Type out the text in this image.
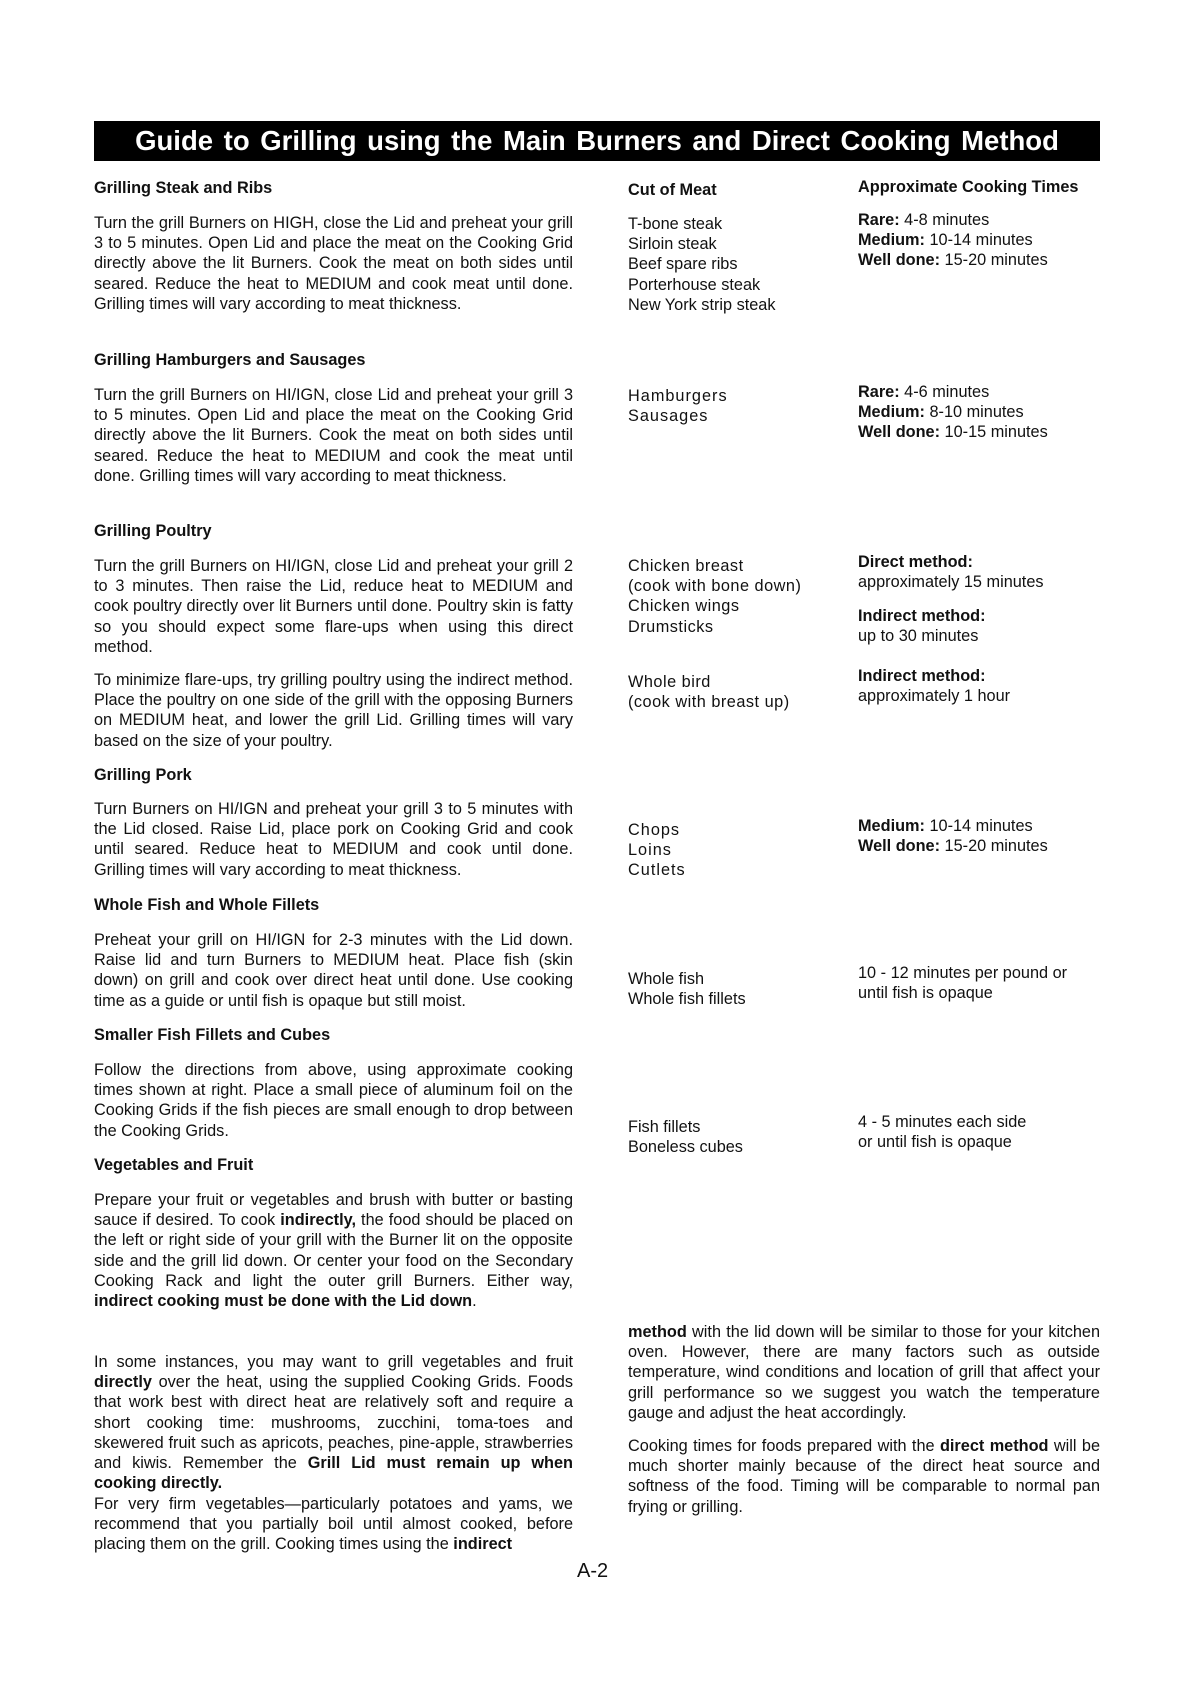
Guide to Grilling using the Main Burners and Direct Cooking Method
Cut of Meat	Approximate Cooking Times
Grilling Steak and Ribs
Turn the grill Burners on HIGH, close the Lid and preheat your grill 3 to 5 minutes. Open Lid and place the meat on the Cooking Grid directly above the lit Burners. Cook the meat on both sides until seared. Reduce the heat to MEDIUM and cook meat until done. Grilling times will vary according to meat thickness.
T-bone steak
Sirloin steak
Beef spare ribs
Porterhouse steak
New York strip steak
Rare: 4-8 minutes
Medium: 10-14 minutes
Well done: 15-20 minutes
Grilling Hamburgers and Sausages
Turn the grill Burners on HI/IGN, close Lid and preheat your grill 3 to 5 minutes. Open Lid and place the meat on the Cooking Grid directly above the lit Burners. Cook the meat on both sides until seared. Reduce the heat to MEDIUM and cook the meat until done. Grilling times will vary according to meat thickness.
Hamburgers
Sausages
Rare: 4-6 minutes
Medium: 8-10 minutes
Well done: 10-15 minutes
Grilling Poultry
Turn the grill Burners on HI/IGN, close Lid and preheat your grill 2 to 3 minutes. Then raise the Lid, reduce heat to MEDIUM and cook poultry directly over lit Burners until done. Poultry skin is fatty so you should expect some flare-ups when using this direct method.
To minimize flare-ups, try grilling poultry using the indirect method. Place the poultry on one side of the grill with the opposing Burners on MEDIUM heat, and lower the grill Lid. Grilling times will vary based on the size of your poultry.
Chicken breast
(cook with bone down)
Chicken wings
Drumsticks
Whole bird
(cook with breast up)
Direct method:
approximately 15 minutes
Indirect method:
up to 30 minutes
Indirect method:
approximately 1 hour
Grilling Pork
Turn Burners on HI/IGN and preheat your grill 3 to 5 minutes with the Lid closed. Raise Lid, place pork on Cooking Grid and cook until seared. Reduce heat to MEDIUM and cook until done. Grilling times will vary according to meat thickness.
Chops
Loins
Cutlets
Medium: 10-14 minutes
Well done: 15-20 minutes
Whole Fish and Whole Fillets
Preheat your grill on HI/IGN for 2-3 minutes with the Lid down. Raise lid and turn Burners to MEDIUM heat. Place fish (skin down) on grill and cook over direct heat until done. Use cooking time as a guide or until fish is opaque but still moist.
Whole fish
Whole fish fillets
10 - 12 minutes per pound or
until fish is opaque
Smaller Fish Fillets and Cubes
Follow the directions from above, using approximate cooking times shown at right. Place a small piece of aluminum foil on the Cooking Grids if the fish pieces are small enough to drop between the Cooking Grids.	Fish fillets
Boneless cubes
4 - 5 minutes each side
or until fish is opaque
Vegetables and Fruit
Prepare your fruit or vegetables and brush with butter or basting sauce if desired. To cook indirectly, the food should be placed on the left or right side of your grill with the Burner lit on the opposite side and the grill lid down. Or center your food on the Secondary Cooking Rack and light the outer grill Burners. Either way, indirect cooking must be done with the Lid down.
In some instances, you may want to grill vegetables and fruit directly over the heat, using the supplied Cooking Grids. Foods that work best with direct heat are relatively soft and require a short cooking time: mushrooms, zucchini, toma-toes and skewered fruit such as apricots, peaches, pine-apple, strawberries and kiwis. Remember the Grill Lid must remain up when cooking directly.
For very firm vegetables—particularly potatoes and yams, we recommend that you partially boil until almost cooked, before placing them on the grill. Cooking times using the indirect
method with the lid down will be similar to those for your kitchen oven. However, there are many factors such as outside temperature, wind conditions and location of grill that affect your grill performance so we suggest you watch the temperature gauge and adjust the heat accordingly.
Cooking times for foods prepared with the direct method will be much shorter mainly because of the direct heat source and softness of the food. Timing will be comparable to normal pan frying or grilling.
A-2
